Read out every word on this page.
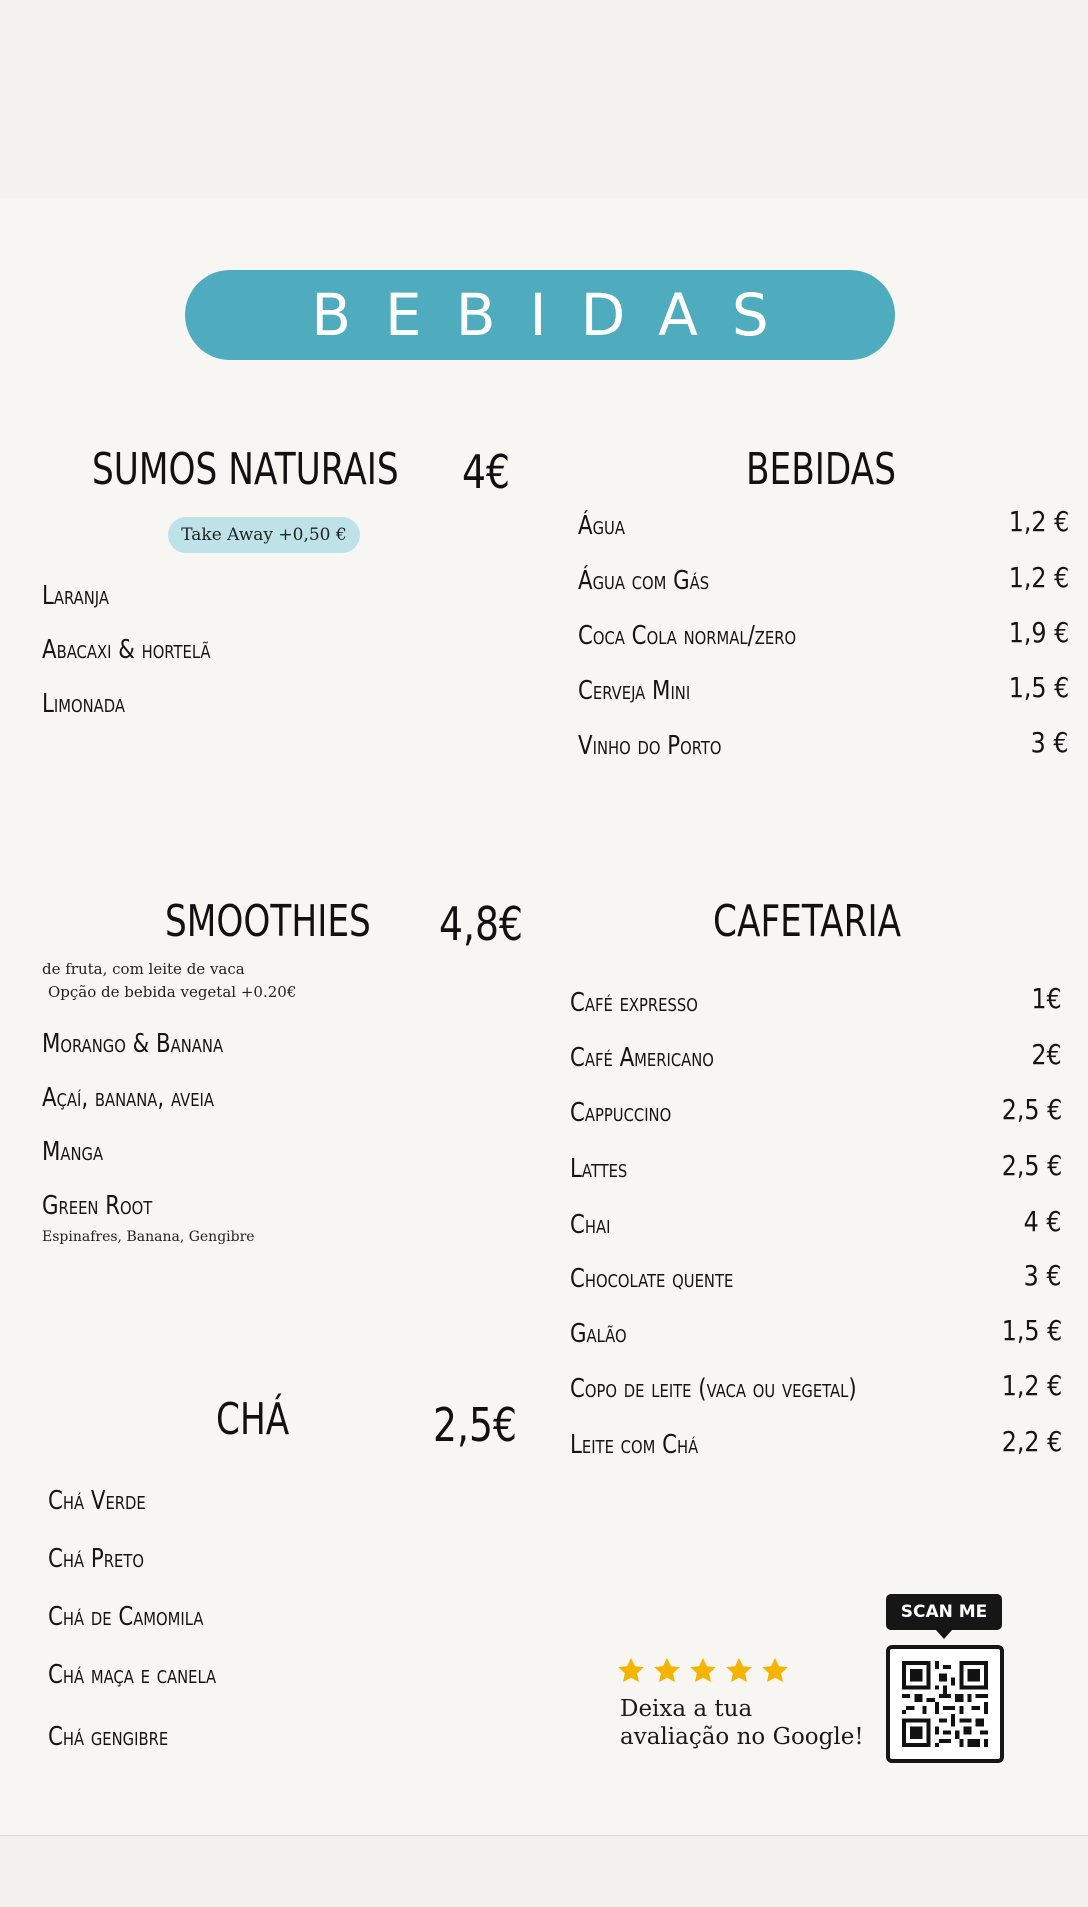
BEBIDAS
SUMOS NATURAIS 4€
Take Away +0,50 €
Laranja
Abacaxi & hortelã
Limonada
BEBIDAS
Água	1,2 €
Água com Gás	1,2 €
Coca Cola normal/zero	1,9 €
Cerveja Mini	1,5 €
Vinho do Porto	3 €
SMOOTHIES 4,8€
de fruta, com leite de vaca
Opção de bebida vegetal +0.20€
Morango & Banana
Açaí, banana, aveia
Manga
Green Root
Espinafres, Banana, Gengibre
CAFETARIA
Café expresso	1€
Café Americano	2€
Cappuccino	2,5 €
Lattes	2,5 €
Chai	4 €
Chocolate quente	3 €
Galão	1,5 €
Copo de leite (vaca ou vegetal)	1,2 €
Leite com Chá	2,2 €
CHÁ	2,5€
Chá Verde
Chá Preto
Chá de Camomila
Chá maça e canela
Chá gengibre
Deixa a tua
avaliação no Google!
SCAN ME
